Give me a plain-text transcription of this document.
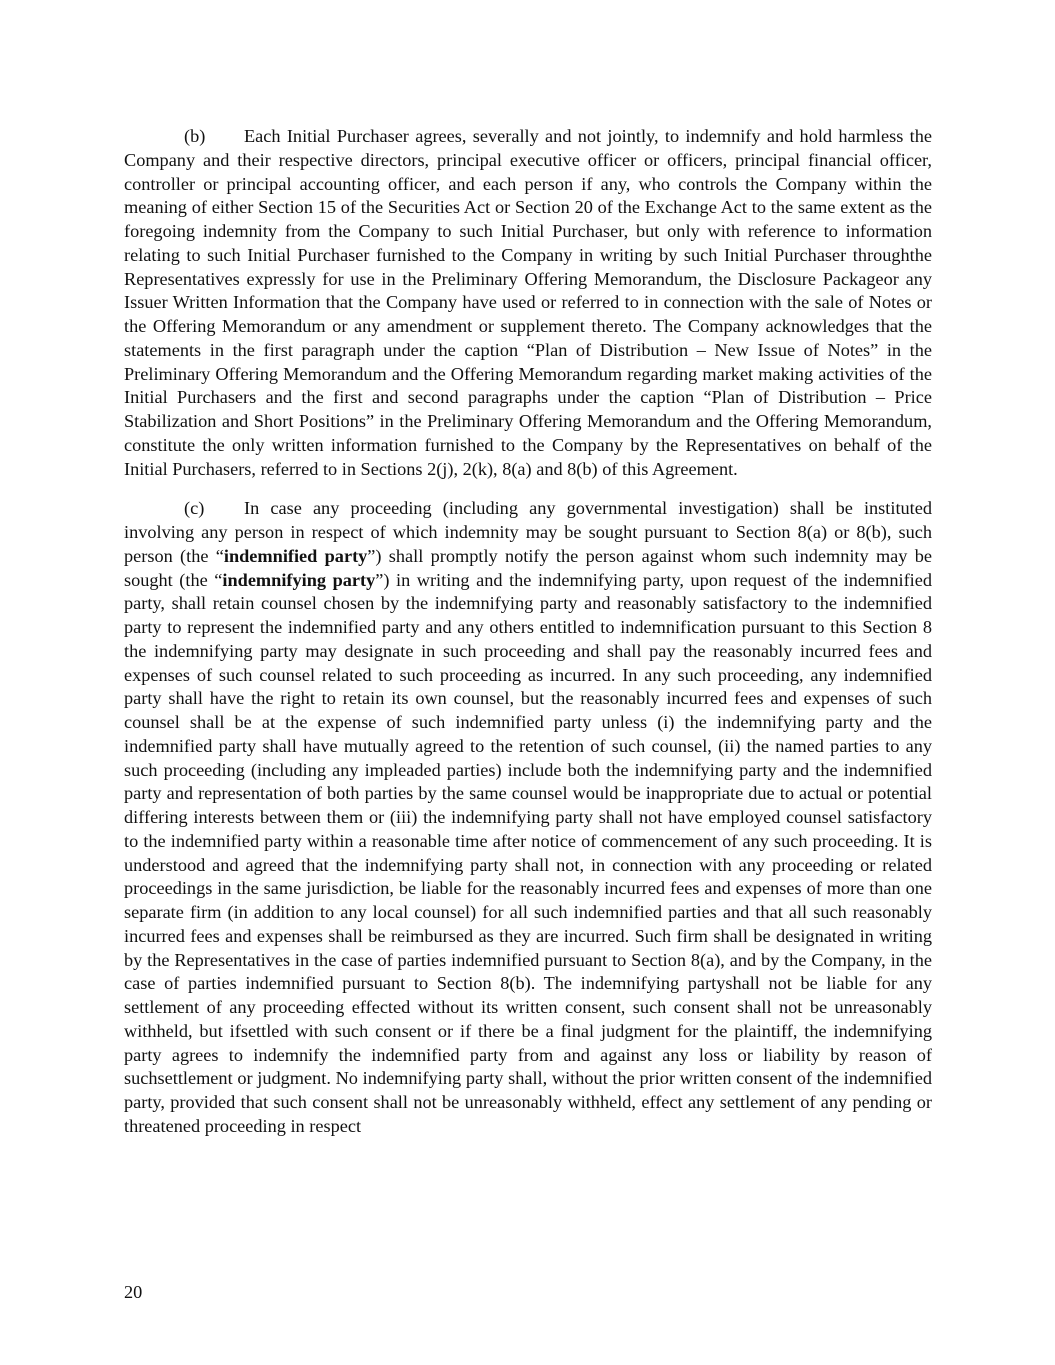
(b) Each Initial Purchaser agrees, severally and not jointly, to indemnify and hold harmless the Company and their respective directors, principal executive officer or officers, principal financial officer, controller or principal accounting officer, and each person if any, who controls the Company within the meaning of either Section 15 of the Securities Act or Section 20 of the Exchange Act to the same extent as the foregoing indemnity from the Company to such Initial Purchaser, but only with reference to information relating to such Initial Purchaser furnished to the Company in writing by such Initial Purchaser throughthe Representatives expressly for use in the Preliminary Offering Memorandum, the Disclosure Packageor any Issuer Written Information that the Company have used or referred to in connection with the sale of Notes or the Offering Memorandum or any amendment or supplement thereto. The Company acknowledges that the statements in the first paragraph under the caption “Plan of Distribution – New Issue of Notes” in the Preliminary Offering Memorandum and the Offering Memorandum regarding market making activities of the Initial Purchasers and the first and second paragraphs under the caption “Plan of Distribution – Price Stabilization and Short Positions” in the Preliminary Offering Memorandum and the Offering Memorandum, constitute the only written information furnished to the Company by the Representatives on behalf of the Initial Purchasers, referred to in Sections 2(j), 2(k), 8(a) and 8(b) of this Agreement.

(c) In case any proceeding (including any governmental investigation) shall be instituted involving any person in respect of which indemnity may be sought pursuant to Section 8(a) or 8(b), such person (the “indemnified party”) shall promptly notify the person against whom such indemnity may be sought (the “indemnifying party”) in writing and the indemnifying party, upon request of the indemnified party, shall retain counsel chosen by the indemnifying party and reasonably satisfactory to the indemnified party to represent the indemnified party and any others entitled to indemnification pursuant to this Section 8 the indemnifying party may designate in such proceeding and shall pay the reasonably incurred fees and expenses of such counsel related to such proceeding as incurred. In any such proceeding, any indemnified party shall have the right to retain its own counsel, but the reasonably incurred fees and expenses of such counsel shall be at the expense of such indemnified party unless (i) the indemnifying party and the indemnified party shall have mutually agreed to the retention of such counsel, (ii) the named parties to any such proceeding (including any impleaded parties) include both the indemnifying party and the indemnified party and representation of both parties by the same counsel would be inappropriate due to actual or potential differing interests between them or (iii) the indemnifying party shall not have employed counsel satisfactory to the indemnified party within a reasonable time after notice of commencement of any such proceeding. It is understood and agreed that the indemnifying party shall not, in connection with any proceeding or related proceedings in the same jurisdiction, be liable for the reasonably incurred fees and expenses of more than one separate firm (in addition to any local counsel) for all such indemnified parties and that all such reasonably incurred fees and expenses shall be reimbursed as they are incurred. Such firm shall be designated in writing by the Representatives in the case of parties indemnified pursuant to Section 8(a), and by the Company, in the case of parties indemnified pursuant to Section 8(b). The indemnifying partyshall not be liable for any settlement of any proceeding effected without its written consent, such consent shall not be unreasonably withheld, but ifsettled with such consent or if there be a final judgment for the plaintiff, the indemnifying party agrees to indemnify the indemnified party from and against any loss or liability by reason of suchsettlement or judgment. No indemnifying party shall, without the prior written consent of the indemnified party, provided that such consent shall not be unreasonably withheld, effect any settlement of any pending or threatened proceeding in respect

20
